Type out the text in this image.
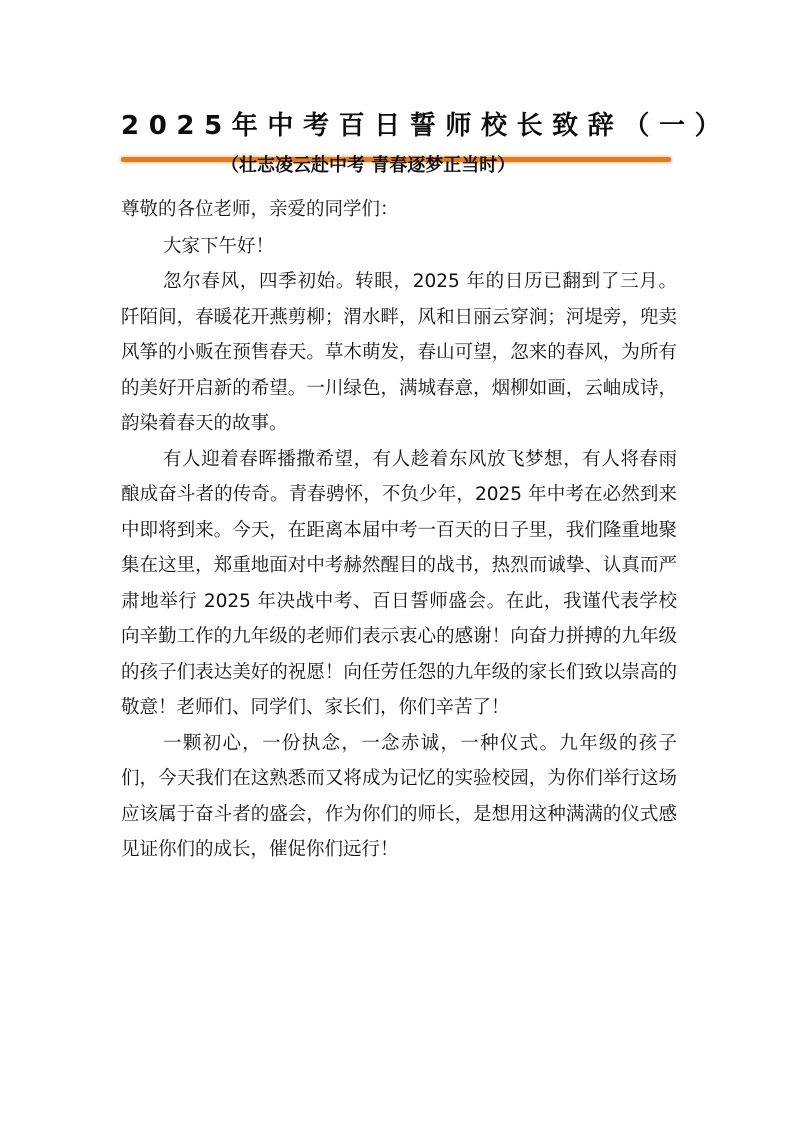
2025年中考百日誓师校长致辞（一）
（壮志凌云赴中考 青春逐梦正当时）

尊敬的各位老师，亲爱的同学们：

大家下午好！

忽尔春风，四季初始。转眼，2025 年的日历已翻到了三月。阡陌间，春暖花开燕剪柳；渭水畔，风和日丽云穿涧；河堤旁，兜卖风筝的小贩在预售春天。草木萌发，春山可望，忽来的春风，为所有的美好开启新的希望。一川绿色，满城春意，烟柳如画，云岫成诗，韵染着春天的故事。

有人迎着春晖播撒希望，有人趁着东风放飞梦想，有人将春雨酿成奋斗者的传奇。青春骋怀，不负少年，2025 年中考在必然到来中即将到来。今天，在距离本届中考一百天的日子里，我们隆重地聚集在这里，郑重地面对中考赫然醒目的战书，热烈而诚挚、认真而严肃地举行 2025 年决战中考、百日誓师盛会。在此，我谨代表学校向辛勤工作的九年级的老师们表示衷心的感谢！向奋力拼搏的九年级的孩子们表达美好的祝愿！向任劳任怨的九年级的家长们致以崇高的敬意！老师们、同学们、家长们，你们辛苦了！

一颗初心，一份执念，一念赤诚，一种仪式。九年级的孩子们，今天我们在这熟悉而又将成为记忆的实验校园，为你们举行这场应该属于奋斗者的盛会，作为你们的师长，是想用这种满满的仪式感见证你们的成长，催促你们远行！
